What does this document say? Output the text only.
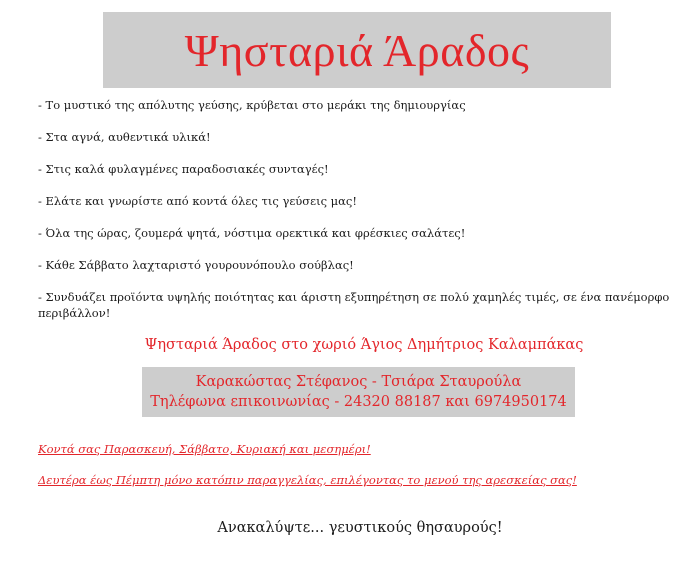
Ψησταριά Άραδος

- Το μυστικό της απόλυτης γεύσης, κρύβεται στο μεράκι της δημιουργίας

- Στα αγνά, αυθεντικά υλικά!

- Στις καλά φυλαγμένες παραδοσιακές συνταγές!

- Ελάτε και γνωρίστε από κοντά όλες τις γεύσεις μας!

- Όλα της ώρας, ζουμερά ψητά, νόστιμα ορεκτικά και φρέσκιες σαλάτες!

- Κάθε Σάββατο λαχταριστό γουρουνόπουλο σούβλας!

- Συνδυάζει προϊόντα υψηλής ποιότητας και άριστη εξυπηρέτηση σε πολύ χαμηλές τιμές, σε ένα πανέμορφο περιβάλλον!

Ψησταριά Άραδος στο χωριό Άγιος Δημήτριος Καλαμπάκας
Καρακώστας Στέφανος - Τσιάρα Σταυρούλα
Τηλέφωνα επικοινωνίας - 24320 88187 και 6974950174
Κοντά σας Παρασκευή, Σάββατο, Κυριακή και μεσημέρι!
Δευτέρα έως Πέμπτη μόνο κατόπιν παραγγελίας, επιλέγοντας το μενού της αρεσκείας σας!
Ανακαλύψτε... γευστικούς θησαυρούς!
